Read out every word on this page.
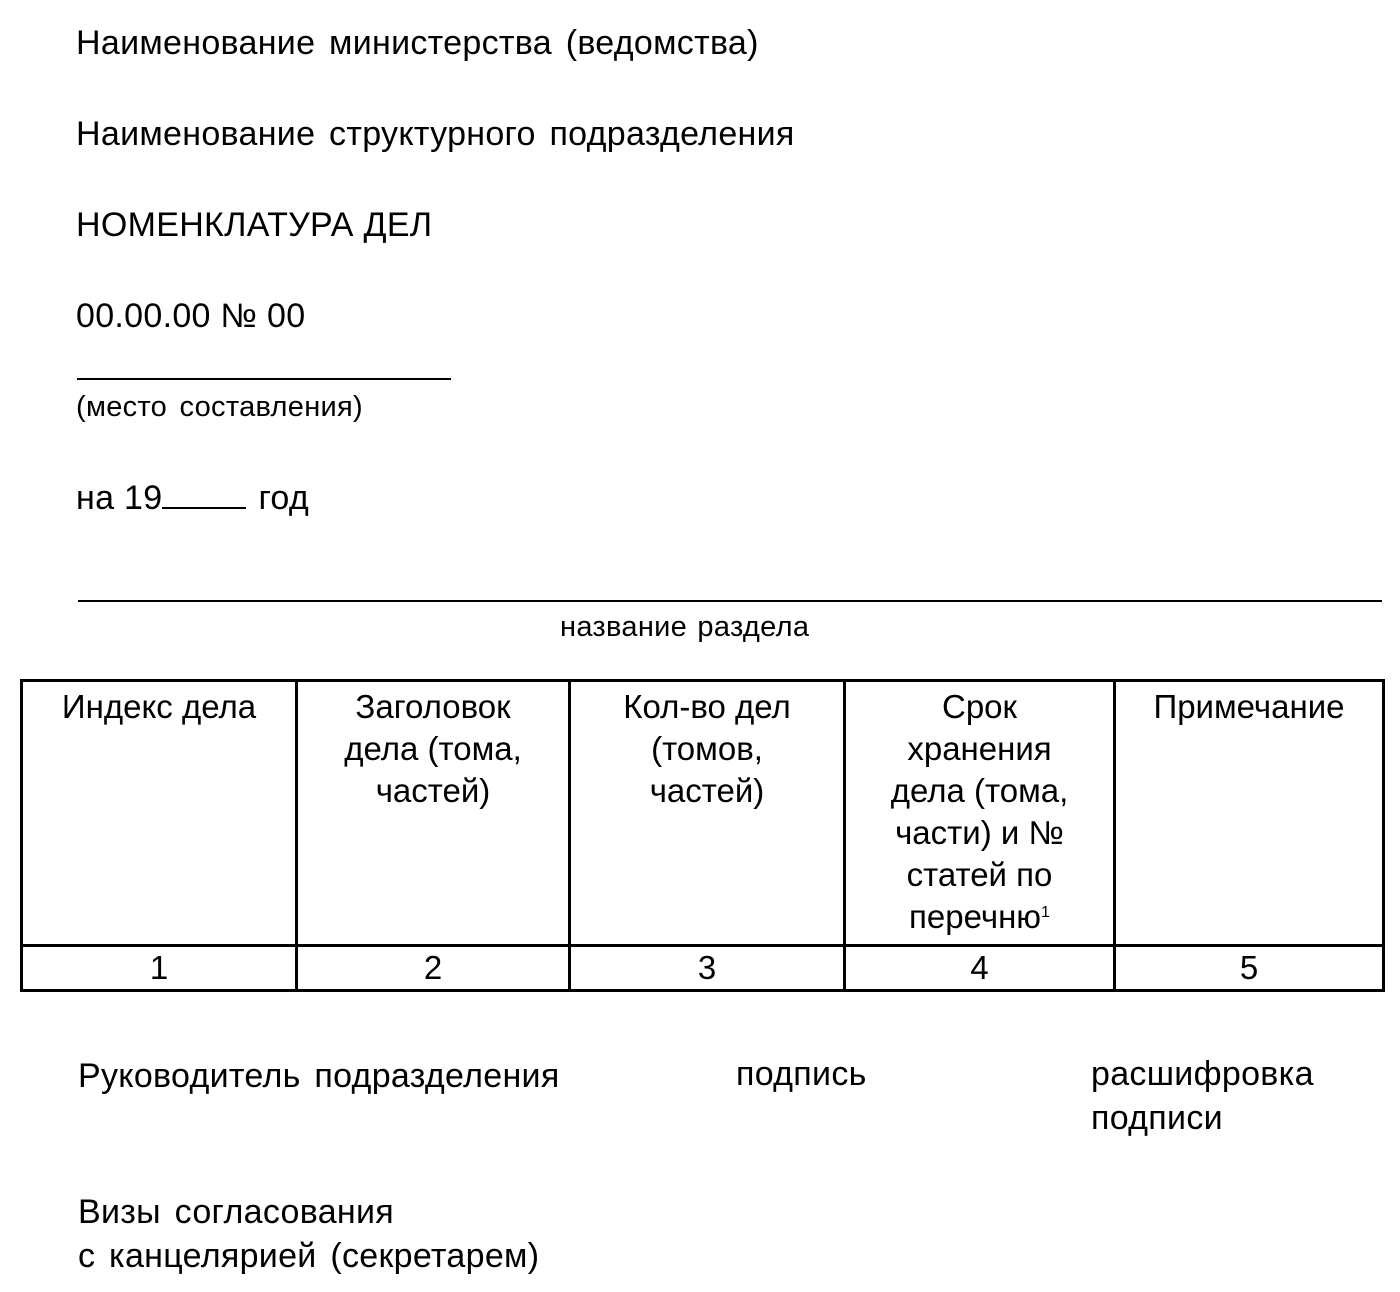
Наименование министерства (ведомства)
Наименование структурного подразделения
НОМЕНКЛАТУРА ДЕЛ
00.00.00 № 00
(место составления)
на 19	год
название раздела
Индекс дела	Заголовок дела (тома, частей)	Кол-во дел (томов, частей)	Срок хранения дела (тома, части) и № статей по перечню$^1$	Примечание
1	2	3	4	5
Руководитель подразделения	подпись	расшифровка
подписи
Визы согласования
с канцелярией (секретарем)
